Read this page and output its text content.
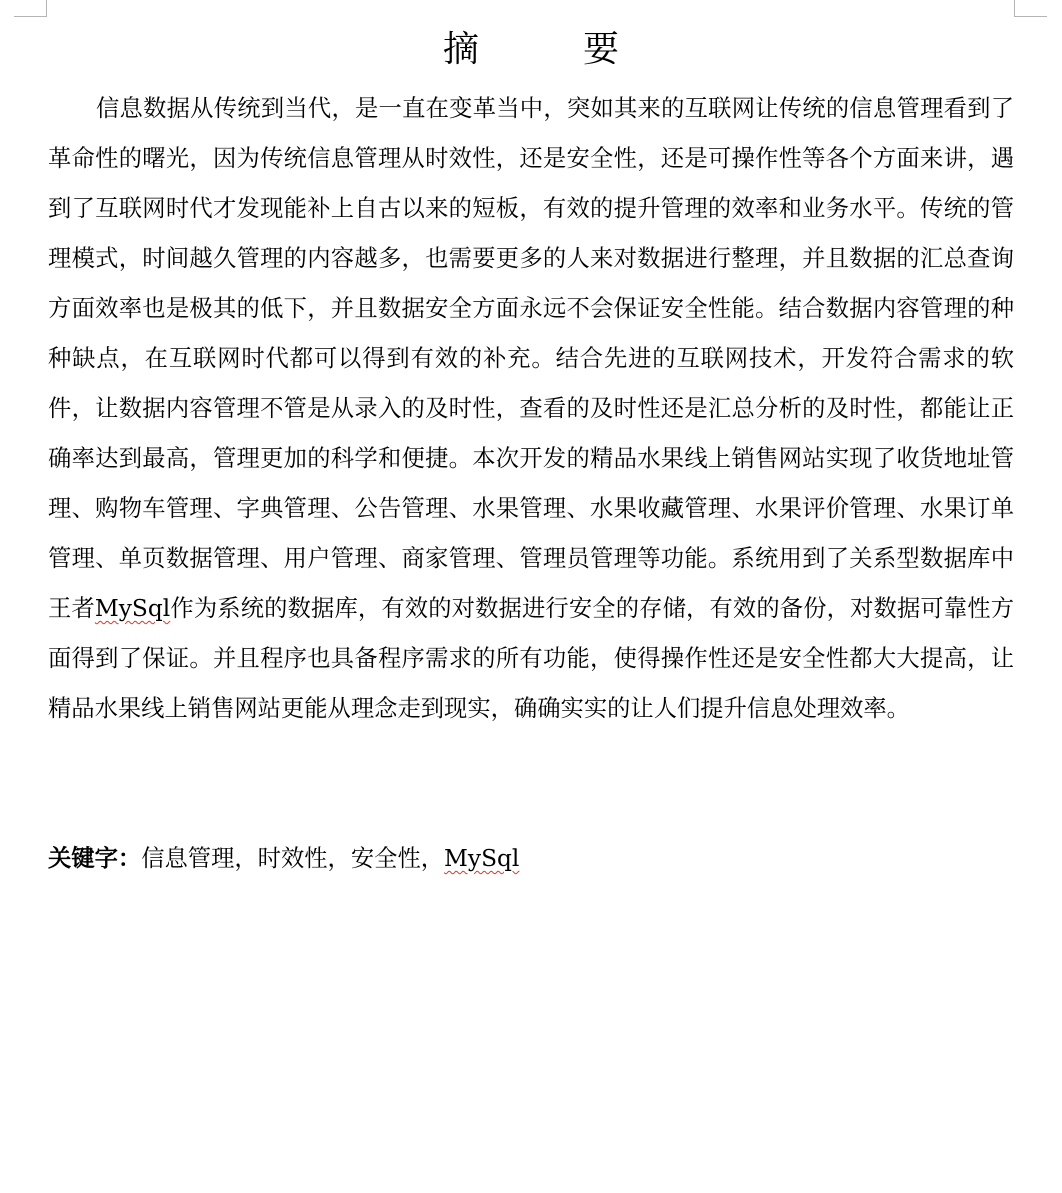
摘　要

信息数据从传统到当代，是一直在变革当中，突如其来的互联网让传统的信息管理看到了革命性的曙光，因为传统信息管理从时效性，还是安全性，还是可操作性等各个方面来讲，遇到了互联网时代才发现能补上自古以来的短板，有效的提升管理的效率和业务水平。传统的管理模式，时间越久管理的内容越多，也需要更多的人来对数据进行整理，并且数据的汇总查询方面效率也是极其的低下，并且数据安全方面永远不会保证安全性能。结合数据内容管理的种种缺点，在互联网时代都可以得到有效的补充。结合先进的互联网技术，开发符合需求的软件，让数据内容管理不管是从录入的及时性，查看的及时性还是汇总分析的及时性，都能让正确率达到最高，管理更加的科学和便捷。本次开发的精品水果线上销售网站实现了收货地址管理、购物车管理、字典管理、公告管理、水果管理、水果收藏管理、水果评价管理、水果订单管理、单页数据管理、用户管理、商家管理、管理员管理等功能。系统用到了关系型数据库中王者MySql作为系统的数据库，有效的对数据进行安全的存储，有效的备份，对数据可靠性方面得到了保证。并且程序也具备程序需求的所有功能，使得操作性还是安全性都大大提高，让精品水果线上销售网站更能从理念走到现实，确确实实的让人们提升信息处理效率。

关键字：信息管理，时效性，安全性，MySql
